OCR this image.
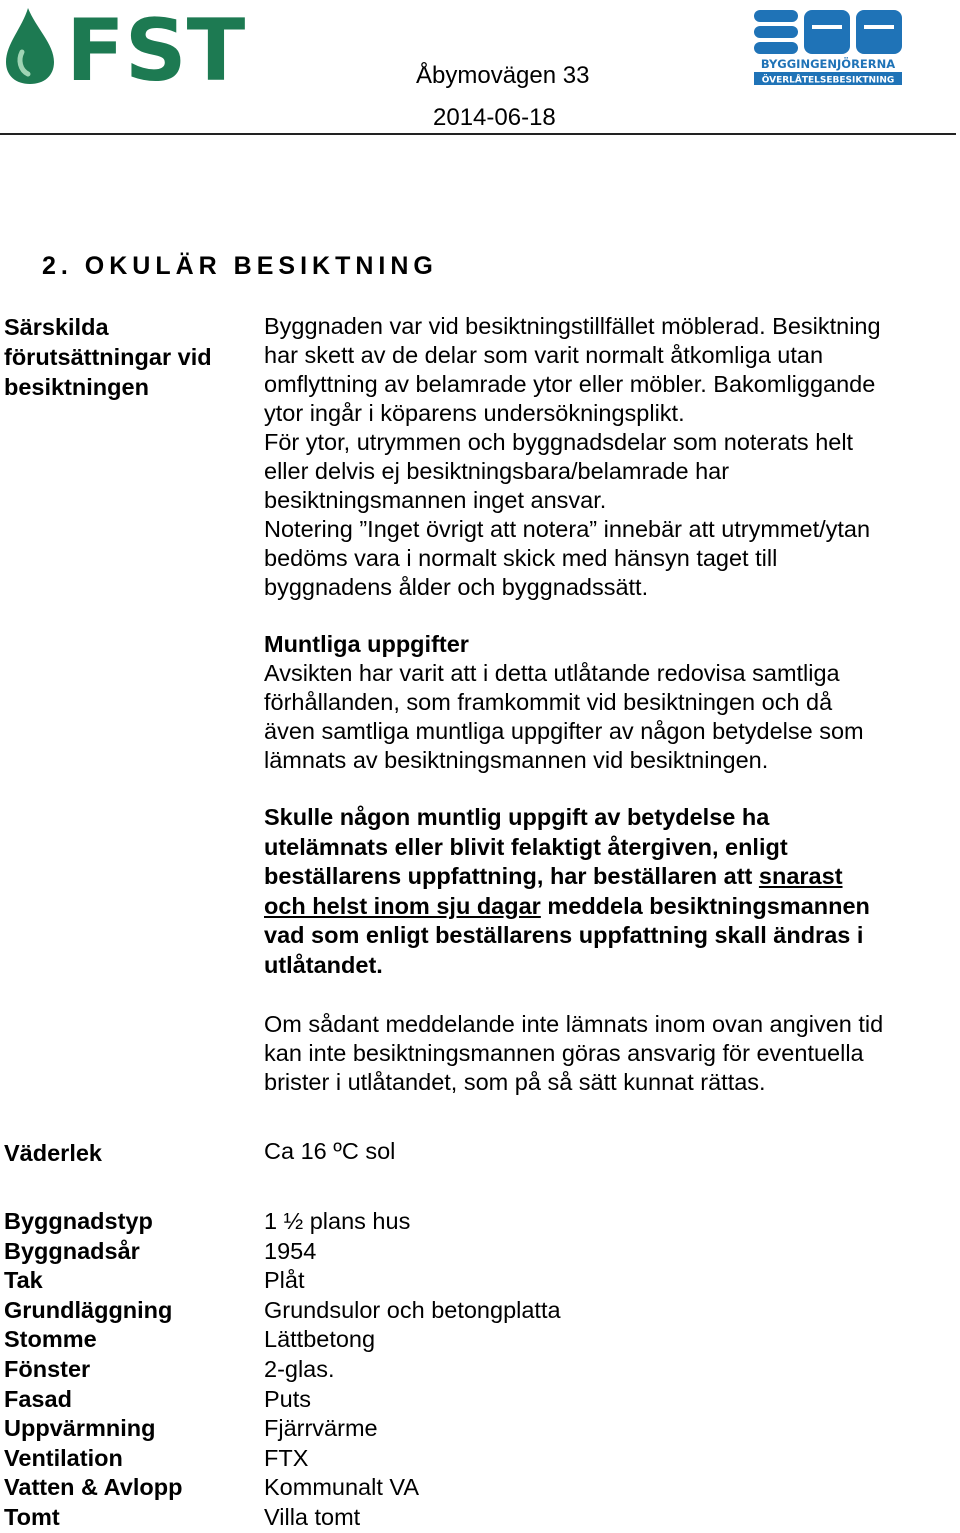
FST	BYGGINGENJÖRERNA
ÖVERLÅTELSEBESIKTNING
Åbymovägen 33
2014-06-18
2. OKULÄR BESIKTNING
Särskilda
förutsättningar vid
besiktningen
Byggnaden var vid besiktningstillfället möblerad. Besiktning
har skett av de delar som varit normalt åtkomliga utan
omflyttning av belamrade ytor eller möbler. Bakomliggande
ytor ingår i köparens undersökningsplikt.
För ytor, utrymmen och byggnadsdelar som noterats helt
eller delvis ej besiktningsbara/belamrade har
besiktningsmannen inget ansvar.
Notering ”Inget övrigt att notera” innebär att utrymmet/ytan
bedöms vara i normalt skick med hänsyn taget till
byggnadens ålder och byggnadssätt.
Muntliga uppgifter
Avsikten har varit att i detta utlåtande redovisa samtliga
förhållanden, som framkommit vid besiktningen och då
även samtliga muntliga uppgifter av någon betydelse som
lämnats av besiktningsmannen vid besiktningen.
Skulle någon muntlig uppgift av betydelse ha
utelämnats eller blivit felaktigt återgiven, enligt
beställarens uppfattning, har beställaren att snarast
och helst inom sju dagar meddela besiktningsmannen
vad som enligt beställarens uppfattning skall ändras i
utlåtandet.
Om sådant meddelande inte lämnats inom ovan angiven tid
kan inte besiktningsmannen göras ansvarig för eventuella
brister i utlåtandet, som på så sätt kunnat rättas.
Väderlek	Ca 16 ºC sol
Byggnadstyp	1 ½ plans hus
Byggnadsår	1954
Tak	Plåt
Grundläggning	Grundsulor och betongplatta
Stomme	Lättbetong
Fönster	2-glas.
Fasad	Puts
Uppvärmning	Fjärrvärme
Ventilation	FTX
Vatten & Avlopp	Kommunalt VA
Tomt	Villa tomt
